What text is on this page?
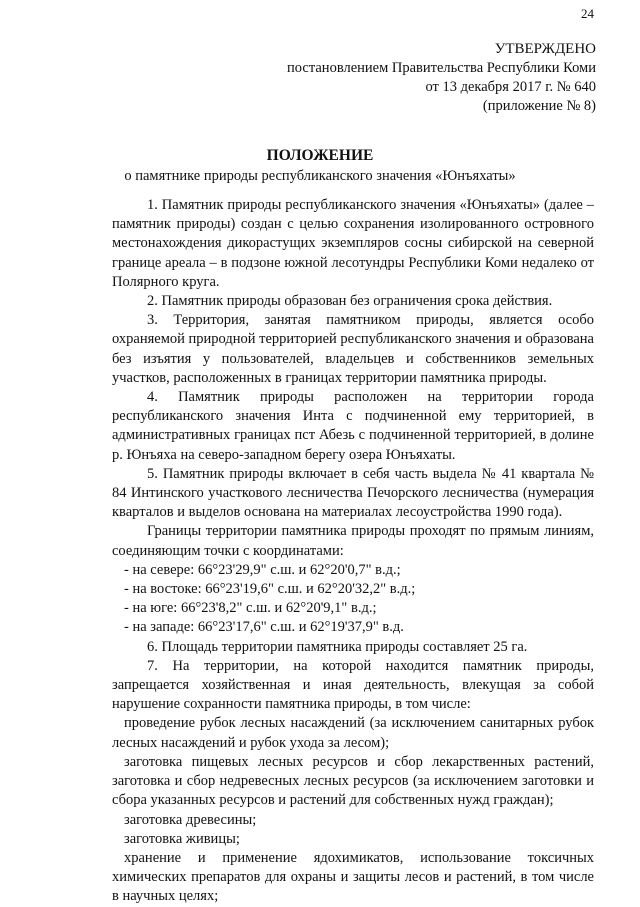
24
УТВЕРЖДЕНО
постановлением Правительства Республики Коми
от 13 декабря 2017 г. № 640
(приложение № 8)
ПОЛОЖЕНИЕ
о памятнике природы республиканского значения «Юнъяхаты»

1. Памятник природы республиканского значения «Юнъяхаты» (далее – памятник природы) создан с целью сохранения изолированного островного местонахождения дикорастущих экземпляров сосны сибирской на северной границе ареала – в подзоне южной лесотундры Республики Коми недалеко от Полярного круга.

2. Памятник природы образован без ограничения срока действия.

3. Территория, занятая памятником природы, является особо охраняемой природной территорией республиканского значения и образована без изъятия у пользователей, владельцев и собственников земельных участков, расположенных в границах территории памятника природы.

4. Памятник природы расположен на территории города республиканского значения Инта с подчиненной ему территорией, в административных границах пст Абезь с подчиненной территорией, в долине р. Юнъяха на северо-западном берегу озера Юнъяхаты.

5. Памятник природы включает в себя часть выдела № 41 квартала № 84 Интинского участкового лесничества Печорского лесничества (нумерация кварталов и выделов основана на материалах лесоустройства 1990 года).

Границы территории памятника природы проходят по прямым линиям, соединяющим точки с координатами:

- на севере: 66°23'29,9" с.ш. и 62°20'0,7" в.д.;

- на востоке: 66°23'19,6" с.ш. и 62°20'32,2" в.д.;

- на юге: 66°23'8,2" с.ш. и 62°20'9,1" в.д.;

- на западе: 66°23'17,6" с.ш. и 62°19'37,9" в.д.

6. Площадь территории памятника природы составляет 25 га.

7. На территории, на которой находится памятник природы, запрещается хозяйственная и иная деятельность, влекущая за собой нарушение сохранности памятника природы, в том числе:

проведение рубок лесных насаждений (за исключением санитарных рубок лесных насаждений и рубок ухода за лесом);

заготовка пищевых лесных ресурсов и сбор лекарственных растений, заготовка и сбор недревесных лесных ресурсов (за исключением заготовки и сбора указанных ресурсов и растений для собственных нужд граждан);

заготовка древесины;

заготовка живицы;

хранение и применение ядохимикатов, использование токсичных химических препаратов для охраны и защиты лесов и растений, в том числе в научных целях;
